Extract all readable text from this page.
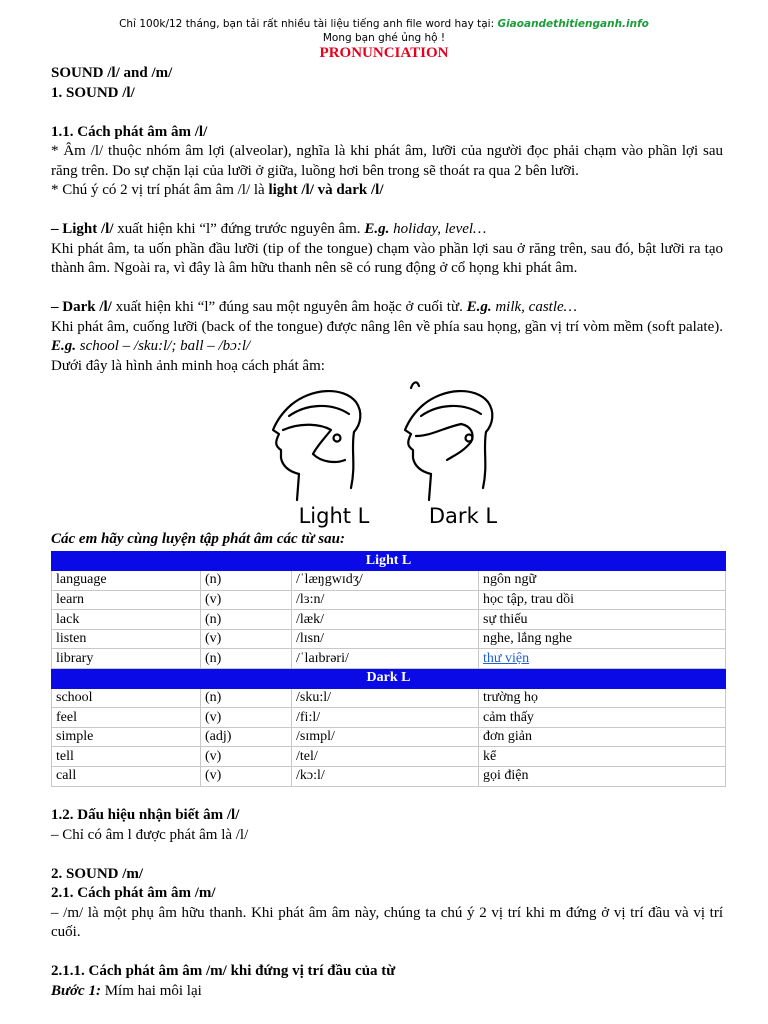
Chỉ 100k/12 tháng, bạn tải rất nhiều tài liệu tiếng anh file word hay tại: Giaoandethitienganh.info
Mong bạn ghé ủng hộ !
PRONUNCIATION

SOUND /l/ and /m/

1. SOUND /l/

1.1. Cách phát âm âm /l/

* Âm /l/ thuộc nhóm âm lợi (alveolar), nghĩa là khi phát âm, lưỡi của người đọc phải chạm vào phần lợi sau răng trên. Do sự chặn lại của lưỡi ở giữa, luồng hơi bên trong sẽ thoát ra qua 2 bên lưỡi.

* Chú ý có 2 vị trí phát âm âm /l/ là light /l/ và dark /l/

– Light /l/ xuất hiện khi “l” đứng trước nguyên âm. E.g. holiday, level…

Khi phát âm, ta uốn phần đầu lưỡi (tip of the tongue) chạm vào phần lợi sau ở răng trên, sau đó, bật lưỡi ra tạo thành âm. Ngoài ra, vì đây là âm hữu thanh nên sẽ có rung động ở cổ họng khi phát âm.

– Dark /l/ xuất hiện khi “l” đúng sau một nguyên âm hoặc ở cuối từ. E.g. milk, castle…

Khi phát âm, cuống lưỡi (back of the tongue) được nâng lên về phía sau họng, gần vị trí vòm mềm (soft palate). E.g. school – /sku:l/; ball – /bɔ:l/

Dưới đây là hình ảnh minh hoạ cách phát âm:

Light L	Dark L

Các em hãy cùng luyện tập phát âm các từ sau:

Light L			
language	(n)	/ˈlæŋgwɪdʒ/	ngôn ngữ
learn	(v)	/lɜ:n/	học tập, trau dồi
lack	(n)	/læk/	sự thiếu
listen	(v)	/lɪsn/	nghe, lắng nghe
library	(n)	/ˈlaɪbrəri/	thư viện
Dark L			
school	(n)	/sku:l/	trường họ
feel	(v)	/fi:l/	cảm thấy
simple	(adj)	/sɪmpl/	đơn giản
tell	(v)	/tel/	kể
call	(v)	/kɔ:l/	gọi điện

1.2. Dấu hiệu nhận biết âm /l/

– Chỉ có âm l được phát âm là /l/

2. SOUND /m/

2.1. Cách phát âm âm /m/

– /m/ là một phụ âm hữu thanh. Khi phát âm âm này, chúng ta chú ý 2 vị trí khi m đứng ở vị trí đầu và vị trí cuối.

2.1.1. Cách phát âm âm /m/ khi đứng vị trí đầu của từ

Bước 1: Mím hai môi lại
